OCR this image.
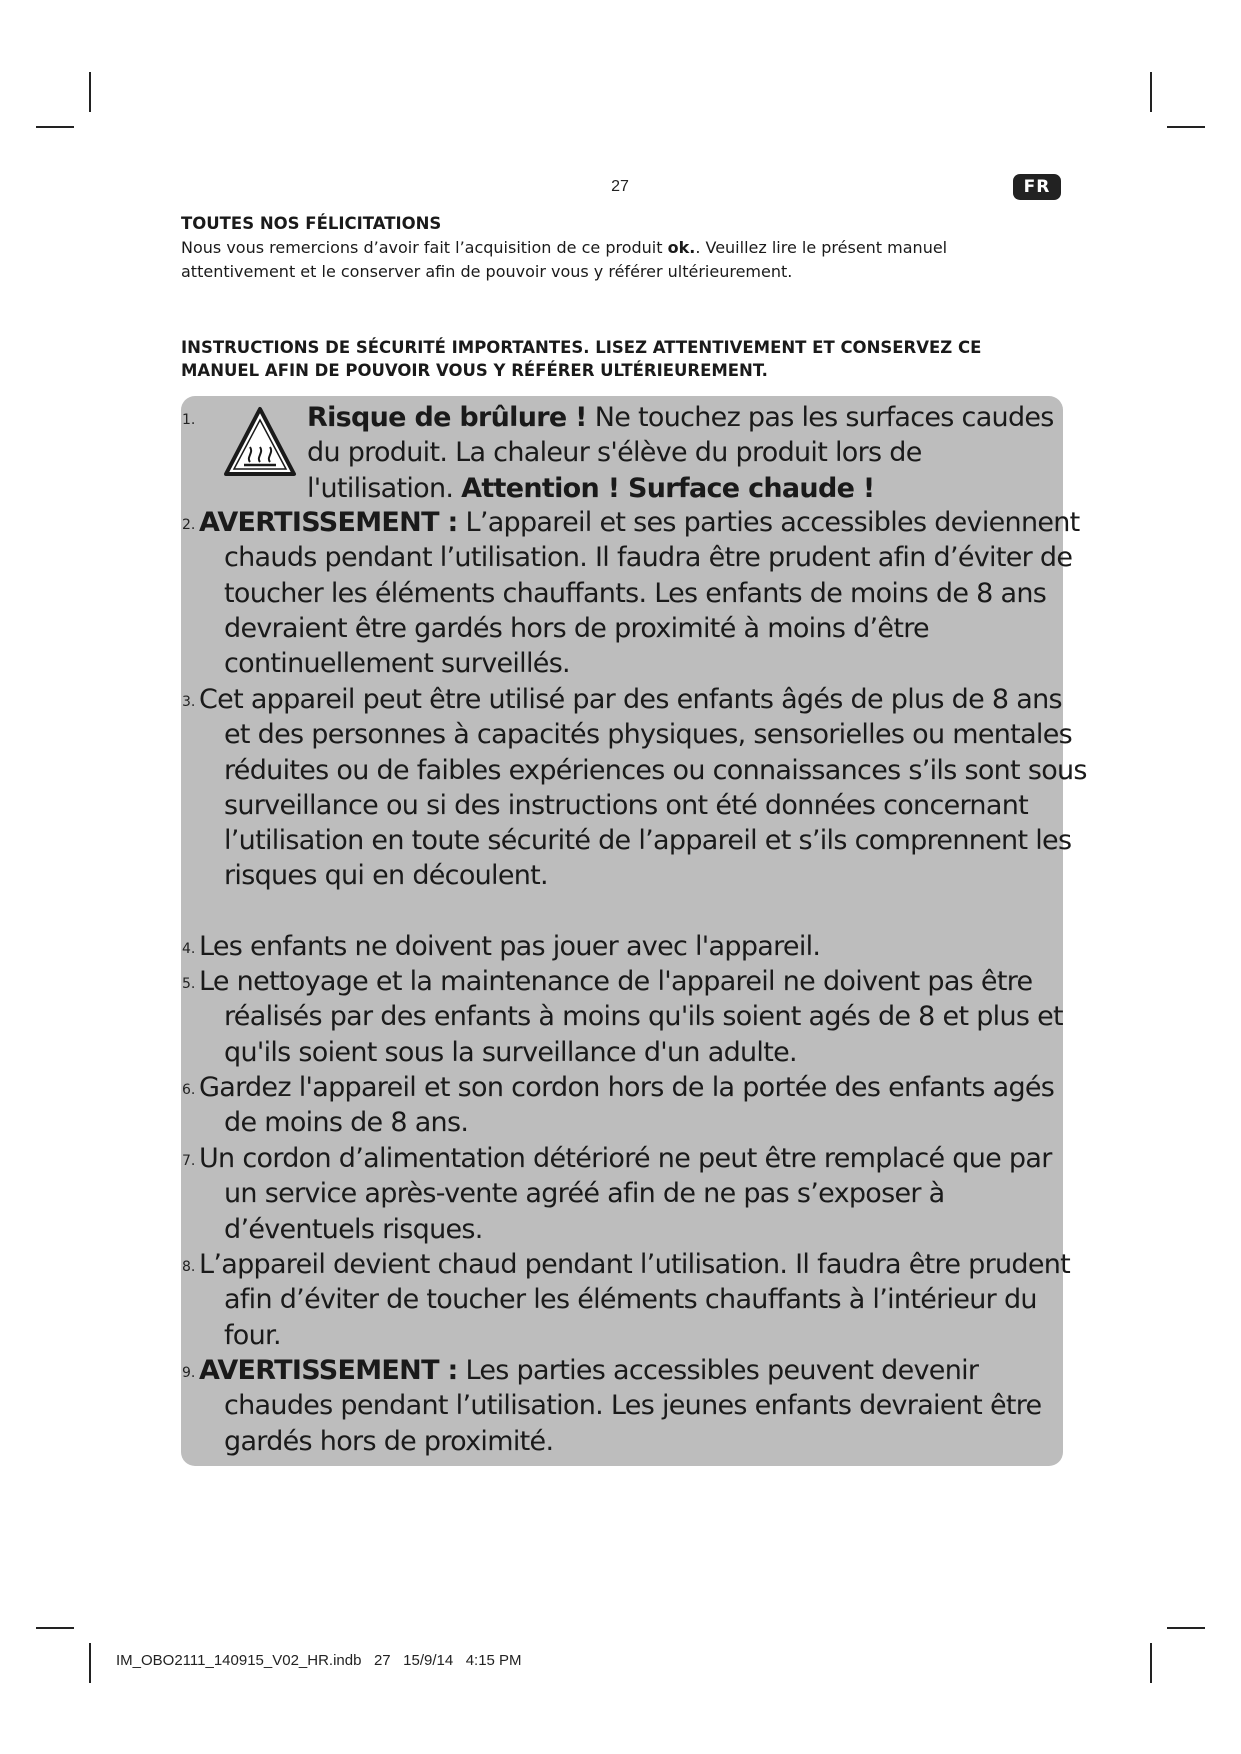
27	FR
TOUTES NOS FÉLICITATIONS
Nous vous remercions d’avoir fait l’acquisition de ce produit ok.. Veuillez lire le présent manuel attentivement et le conserver afin de pouvoir vous y référer ultérieurement.
INSTRUCTIONS DE SÉCURITÉ IMPORTANTES. LISEZ ATTENTIVEMENT ET CONSERVEZ CE MANUEL AFIN DE POUVOIR VOUS Y RÉFÉRER ULTÉRIEUREMENT.
1.	Risque de brûlure ! Ne touchez pas les surfaces caudes du produit. La chaleur s'élève du produit lors de l'utilisation. Attention ! Surface chaude !
2. AVERTISSEMENT : L’appareil et ses parties accessibles deviennent chauds pendant l’utilisation. Il faudra être prudent afin d’éviter de toucher les éléments chauffants. Les enfants de moins de 8 ans devraient être gardés hors de proximité à moins d’être continuellement surveillés.
3. Cet appareil peut être utilisé par des enfants âgés de plus de 8 ans et des personnes à capacités physiques, sensorielles ou mentales réduites ou de faibles expériences ou connaissances s’ils sont sous surveillance ou si des instructions ont été données concernant l’utilisation en toute sécurité de l’appareil et s’ils comprennent les risques qui en découlent.
4. Les enfants ne doivent pas jouer avec l'appareil.
5. Le nettoyage et la maintenance de l'appareil ne doivent pas être réalisés par des enfants à moins qu'ils soient agés de 8 et plus et qu'ils soient sous la surveillance d'un adulte.
6. Gardez l'appareil et son cordon hors de la portée des enfants agés de moins de 8 ans.
7. Un cordon d’alimentation détérioré ne peut être remplacé que par un service après-vente agréé afin de ne pas s’exposer à d’éventuels risques.
8. L’appareil devient chaud pendant l’utilisation. Il faudra être prudent afin d’éviter de toucher les éléments chauffants à l’intérieur du four.
9. AVERTISSEMENT : Les parties accessibles peuvent devenir chaudes pendant l’utilisation. Les jeunes enfants devraient être gardés hors de proximité.
IM_OBO2111_140915_V02_HR.indb   27   15/9/14   4:15 PM
